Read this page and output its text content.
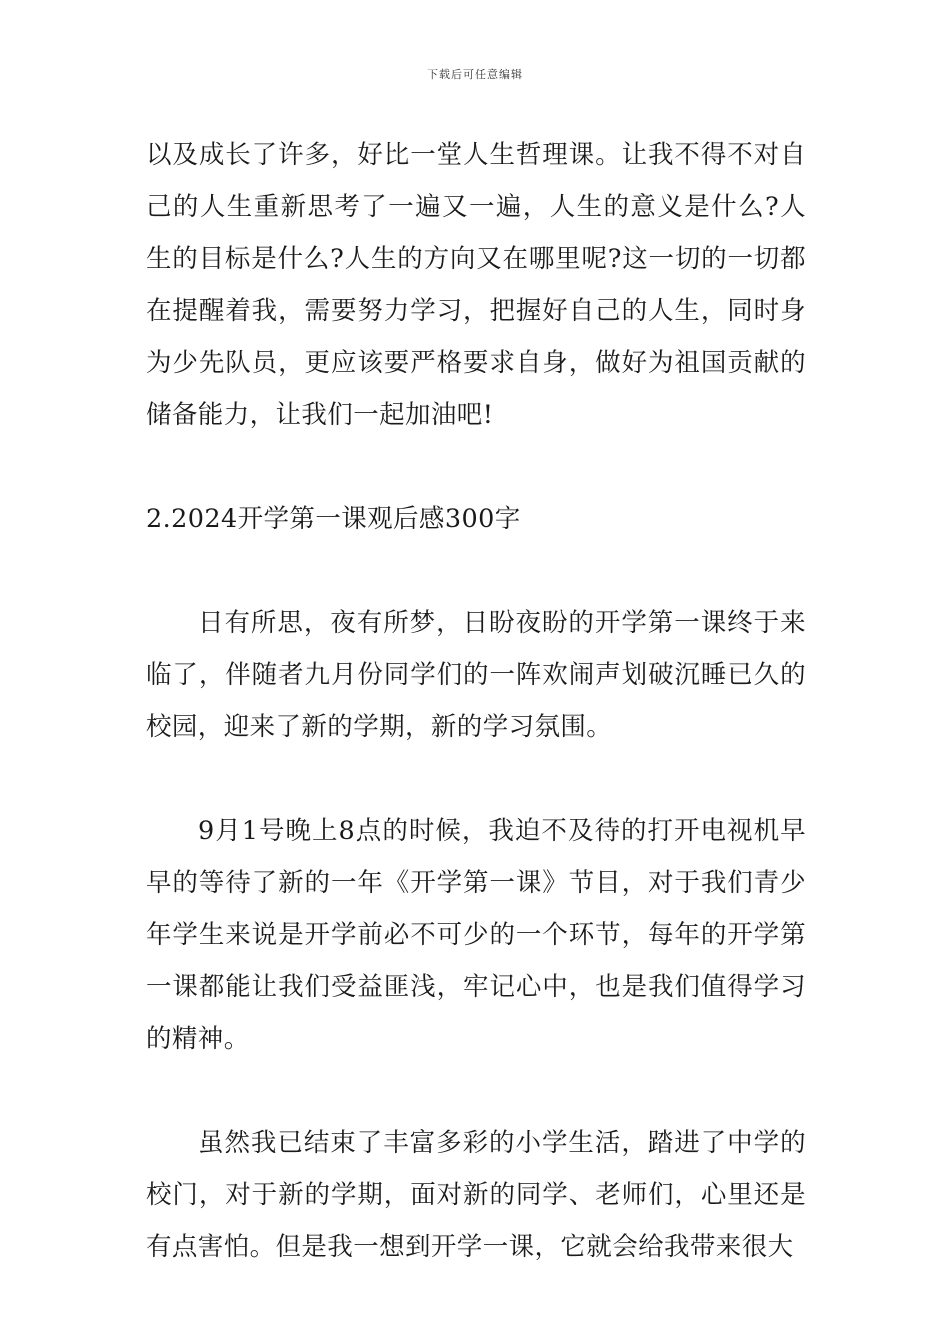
下载后可任意编辑

以及成长了许多，好比一堂人生哲理课。让我不得不对自己的人生重新思考了一遍又一遍，人生的意义是什么?人生的目标是什么?人生的方向又在哪里呢?这一切的一切都在提醒着我，需要努力学习，把握好自己的人生，同时身为少先队员，更应该要严格要求自身，做好为祖国贡献的储备能力，让我们一起加油吧!

2.2024开学第一课观后感300字

日有所思，夜有所梦，日盼夜盼的开学第一课终于来临了，伴随者九月份同学们的一阵欢闹声划破沉睡已久的校园，迎来了新的学期，新的学习氛围。

9月1号晚上8点的时候，我迫不及待的打开电视机早早的等待了新的一年《开学第一课》节目，对于我们青少年学生来说是开学前必不可少的一个环节，每年的开学第一课都能让我们受益匪浅，牢记心中，也是我们值得学习的精神。

虽然我已结束了丰富多彩的小学生活，踏进了中学的校门，对于新的学期，面对新的同学、老师们，心里还是有点害怕。但是我一想到开学一课，它就会给我带来很大
